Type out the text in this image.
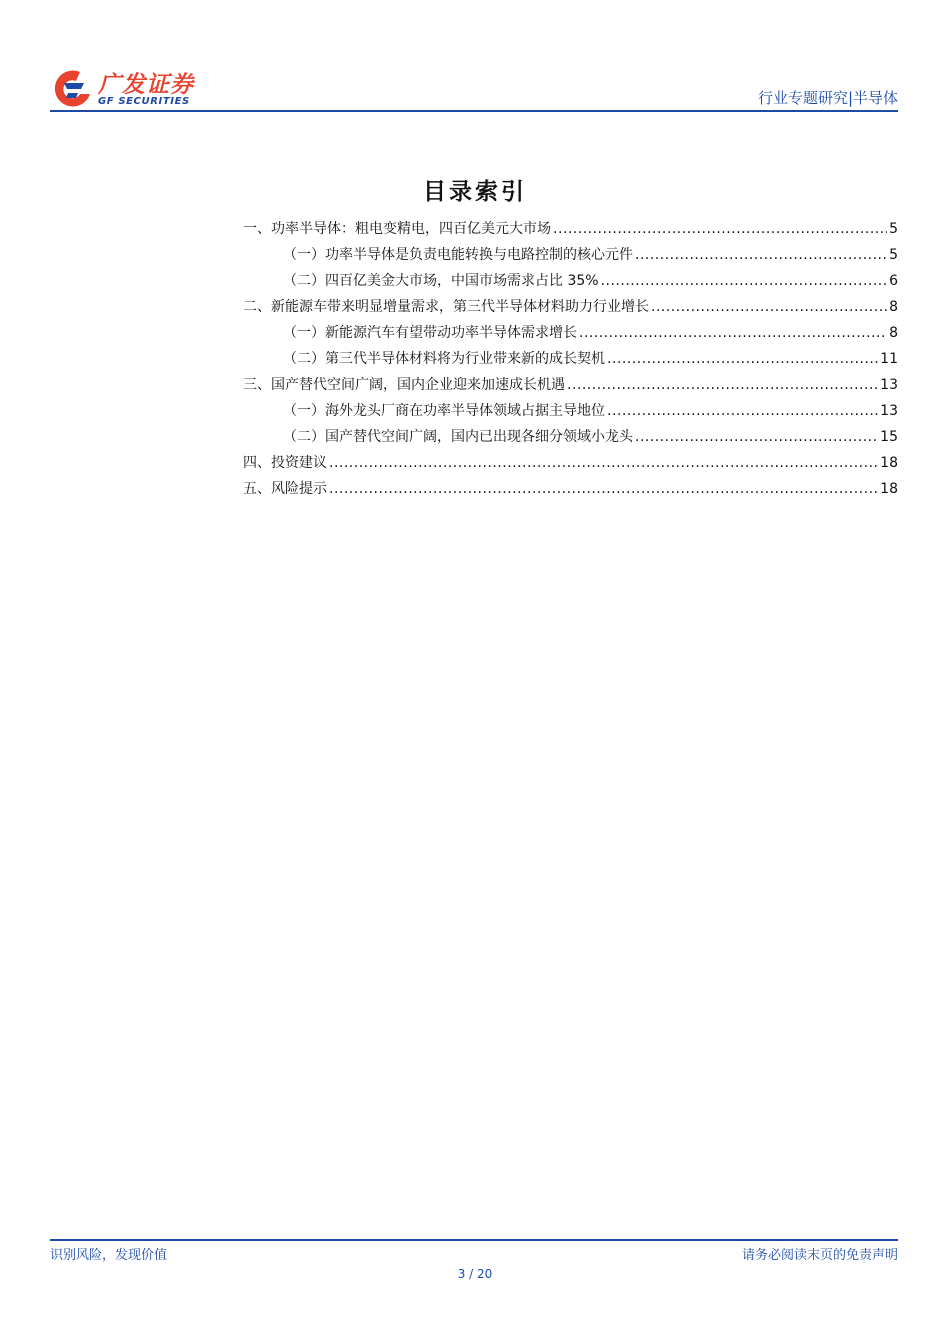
广发证券
GF SECURITIES	行业专题研究|半导体
目录索引
一、功率半导体：粗电变精电，四百亿美元大市场 .....	5
（一）功率半导体是负责电能转换与电路控制的核心元件 .....	5
（二）四百亿美金大市场，中国市场需求占比 35% .....	6
二、新能源车带来明显增量需求，第三代半导体材料助力行业增长 .....	8
（一）新能源汽车有望带动功率半导体需求增长 .....	8
（二）第三代半导体材料将为行业带来新的成长契机 .....	11
三、国产替代空间广阔，国内企业迎来加速成长机遇 .....	13
（一）海外龙头厂商在功率半导体领域占据主导地位 .....	13
（二）国产替代空间广阔，国内已出现各细分领域小龙头 .....	15
四、投资建议 .....	18
五、风险提示 .....	18
识别风险，发现价值	请务必阅读末页的免责声明
3 / 20
